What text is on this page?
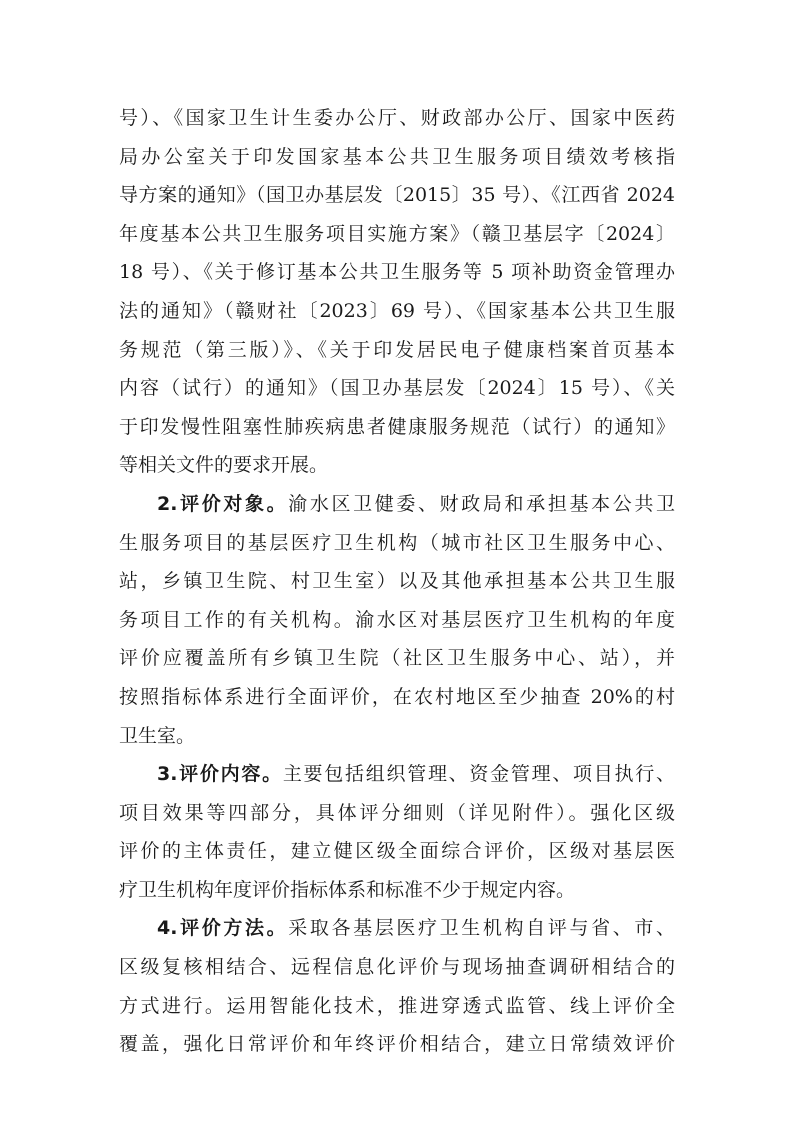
号）、《国家卫生计生委办公厅、财政部办公厅、国家中医药
局办公室关于印发国家基本公共卫生服务项目绩效考核指
导方案的通知》（国卫办基层发〔2015〕35 号）、《江西省 2024
年度基本公共卫生服务项目实施方案》（赣卫基层字〔2024〕
18 号）、《关于修订基本公共卫生服务等 5 项补助资金管理办
法的通知》（赣财社〔2023〕69 号）、《国家基本公共卫生服
务规范（第三版）》、《关于印发居民电子健康档案首页基本
内容（试行）的通知》（国卫办基层发〔2024〕15 号）、《关
于印发慢性阻塞性肺疾病患者健康服务规范（试行）的通知》
等相关文件的要求开展。
2.评价对象。渝水区卫健委、财政局和承担基本公共卫
生服务项目的基层医疗卫生机构（城市社区卫生服务中心、
站，乡镇卫生院、村卫生室）以及其他承担基本公共卫生服
务项目工作的有关机构。渝水区对基层医疗卫生机构的年度
评价应覆盖所有乡镇卫生院（社区卫生服务中心、站），并
按照指标体系进行全面评价，在农村地区至少抽查 20%的村
卫生室。
3.评价内容。主要包括组织管理、资金管理、项目执行、
项目效果等四部分，具体评分细则（详见附件）。强化区级
评价的主体责任，建立健区级全面综合评价，区级对基层医
疗卫生机构年度评价指标体系和标准不少于规定内容。
4.评价方法。采取各基层医疗卫生机构自评与省、市、
区级复核相结合、远程信息化评价与现场抽查调研相结合的
方式进行。运用智能化技术，推进穿透式监管、线上评价全
覆盖，强化日常评价和年终评价相结合，建立日常绩效评价
